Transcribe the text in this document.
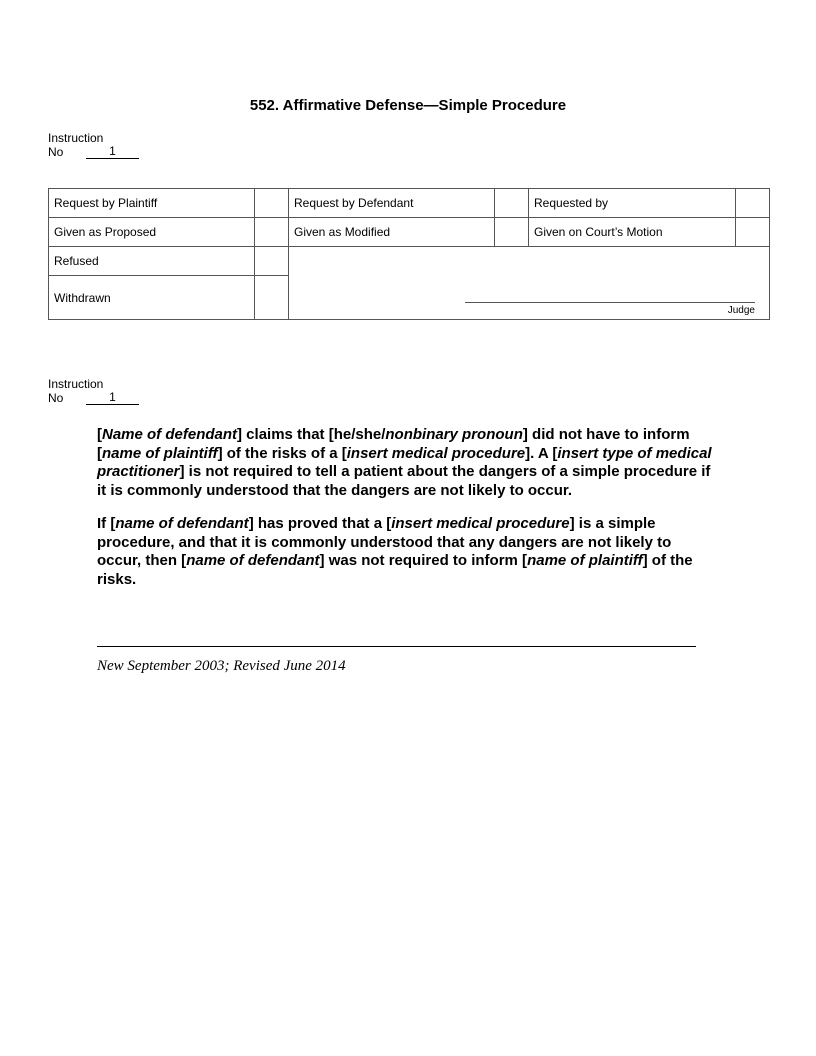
552. Affirmative Defense—Simple Procedure
Instruction
No	1
Request by Plaintiff		Request by Defendant		Requested by	
Given as Proposed		Given as Modified		Given on Court’s Motion	
Refused		Judge			

Withdrawn					
Instruction
No	1

[Name of defendant] claims that [he/she/nonbinary pronoun] did not have to inform [name of plaintiff] of the risks of a [insert medical procedure]. A [insert type of medical practitioner] is not required to tell a patient about the dangers of a simple procedure if it is commonly understood that the dangers are not likely to occur.

If [name of defendant] has proved that a [insert medical procedure] is a simple procedure, and that it is commonly understood that any dangers are not likely to occur, then [name of defendant] was not required to inform [name of plaintiff] of the risks.

New September 2003; Revised June 2014
